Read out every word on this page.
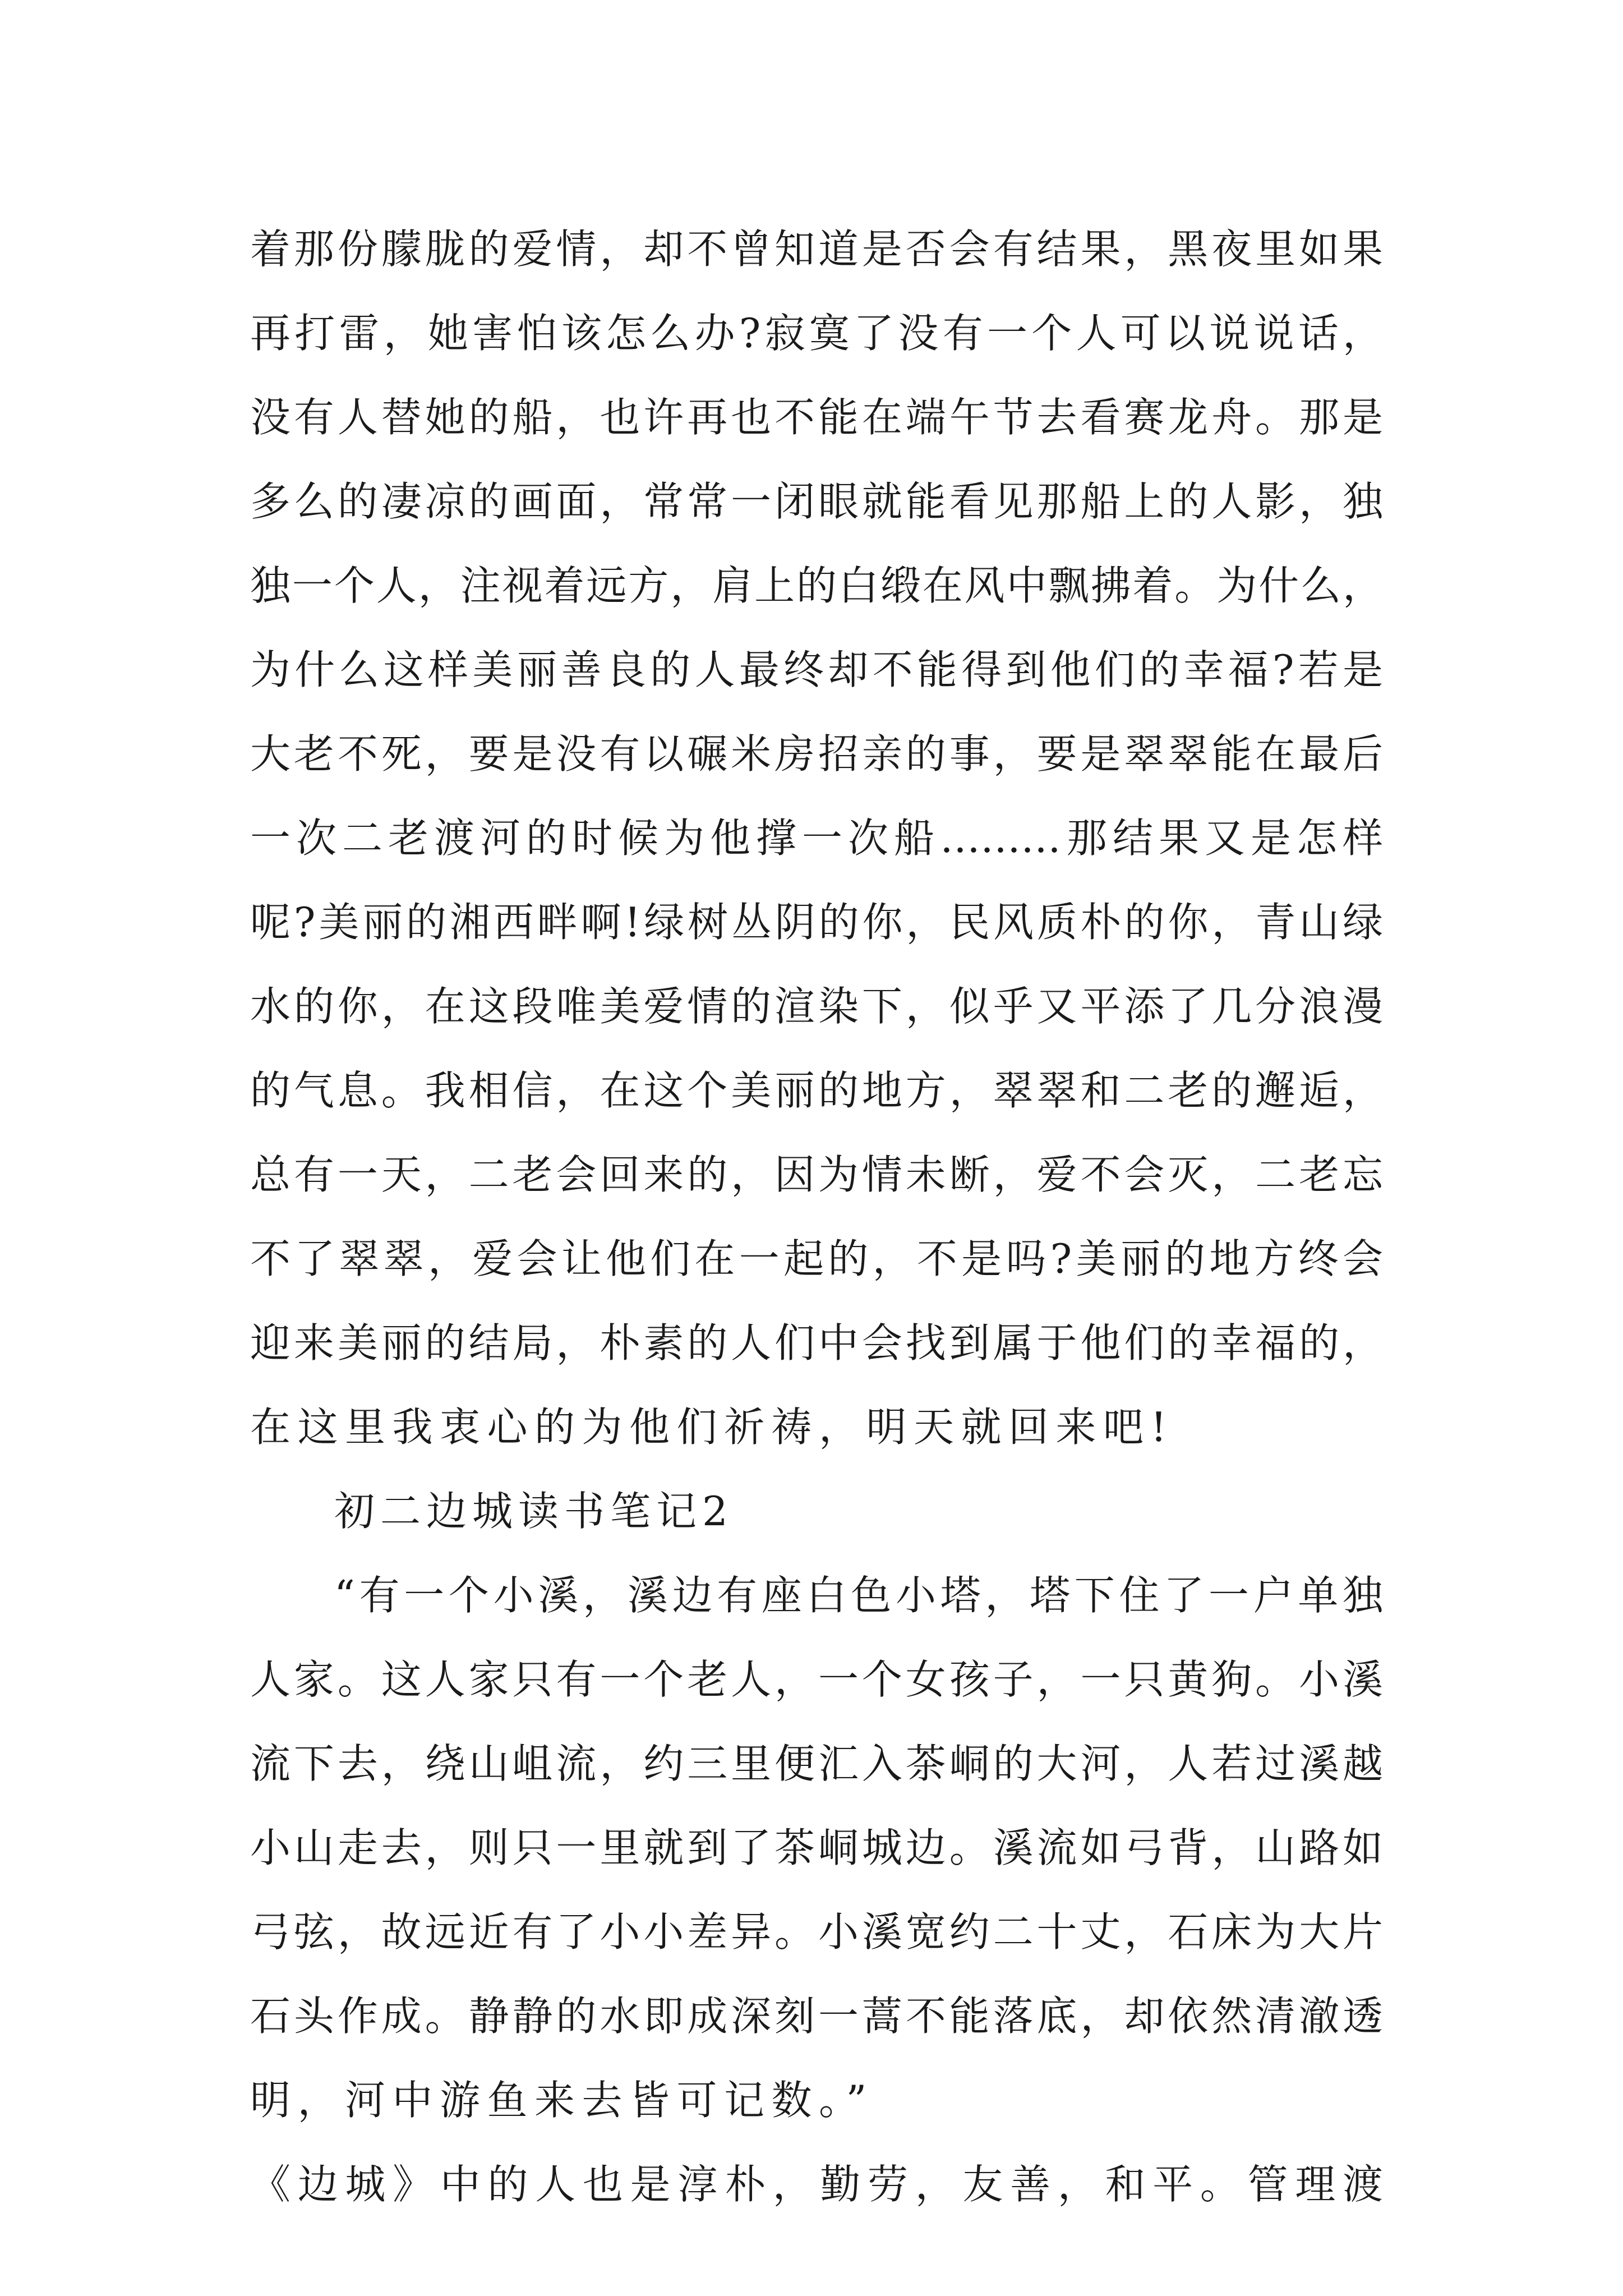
着那份朦胧的爱情，却不曾知道是否会有结果，黑夜里如果

再打雷，她害怕该怎么办?寂寞了没有一个人可以说说话，

没有人替她的船，也许再也不能在端午节去看赛龙舟。那是

多么的凄凉的画面，常常一闭眼就能看见那船上的人影，独

独一个人，注视着远方，肩上的白缎在风中飘拂着。为什么，

为什么这样美丽善良的人最终却不能得到他们的幸福?若是

大老不死，要是没有以碾米房招亲的事，要是翠翠能在最后

一次二老渡河的时候为他撑一次船………那结果又是怎样

呢?美丽的湘西畔啊!绿树丛阴的你，民风质朴的你，青山绿

水的你，在这段唯美爱情的渲染下，似乎又平添了几分浪漫

的气息。我相信，在这个美丽的地方，翠翠和二老的邂逅，

总有一天，二老会回来的，因为情未断，爱不会灭，二老忘

不了翠翠，爱会让他们在一起的，不是吗?美丽的地方终会

迎来美丽的结局，朴素的人们中会找到属于他们的幸福的，

在这里我衷心的为他们祈祷，明天就回来吧!

初二边城读书笔记2

“有一个小溪，溪边有座白色小塔，塔下住了一户单独

人家。这人家只有一个老人，一个女孩子，一只黄狗。小溪

流下去，绕山岨流，约三里便汇入茶峒的大河，人若过溪越

小山走去，则只一里就到了茶峒城边。溪流如弓背，山路如

弓弦，故远近有了小小差异。小溪宽约二十丈，石床为大片

石头作成。静静的水即成深刻一蒿不能落底，却依然清澈透

明，河中游鱼来去皆可记数。”

《边城》中的人也是淳朴，勤劳，友善，和平。管理渡
